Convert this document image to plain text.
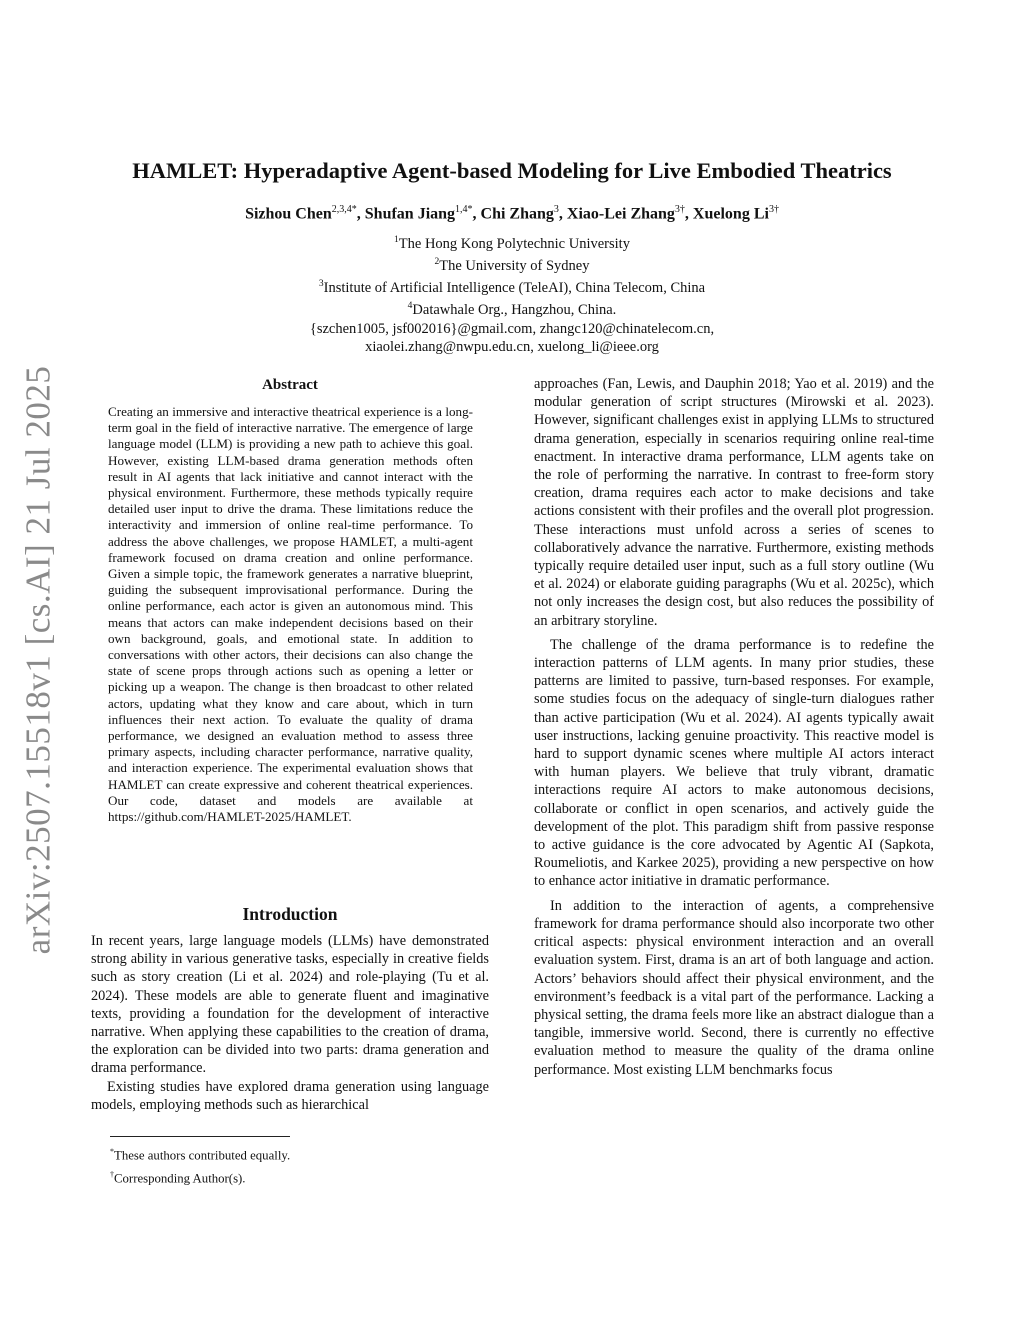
arXiv:2507.15518v1 [cs.AI] 21 Jul 2025
HAMLET: Hyperadaptive Agent-based Modeling for Live Embodied Theatrics
Sizhou Chen$^{2,3,4*}$, Shufan Jiang$^{1,4*}$, Chi Zhang$^3$, Xiao-Lei Zhang$^{3\dagger}$, Xuelong $Li^{3\dagger}$
$^1$The Hong Kong Polytechnic University
$^2$The University of Sydney
$^3$Institute of Artificial Intelligence (TeleAI), China Telecom, China
$^4$Datawhale Org., Hangzhou, China.
{szchen1005, jsf002016}@gmail.com, zhangc120@chinatelecom.cn,
xiaolei.zhang@nwpu.edu.cn, xuelong_li@ieee.org
Abstract
Creating an immersive and interactive theatrical experience is a long-term goal in the field of interactive narrative. The emergence of large language model (LLM) is providing a new path to achieve this goal. However, existing LLM-based drama generation methods often result in AI agents that lack initiative and cannot interact with the physical environment. Furthermore, these methods typically require detailed user input to drive the drama. These limitations reduce the interactivity and immersion of online real-time performance. To address the above challenges, we propose HAMLET, a multi-agent framework focused on drama creation and online performance. Given a simple topic, the framework generates a narrative blueprint, guiding the subsequent improvisational performance. During the online performance, each actor is given an autonomous mind. This means that actors can make independent decisions based on their own background, goals, and emotional state. In addition to conversations with other actors, their decisions can also change the state of scene props through actions such as opening a letter or picking up a weapon. The change is then broadcast to other related actors, updating what they know and care about, which in turn influences their next action. To evaluate the quality of drama performance, we designed an evaluation method to assess three primary aspects, including character performance, narrative quality, and interaction experience. The experimental evaluation shows that HAMLET can create expressive and coherent theatrical experiences. Our code, dataset and models are available at https://github.com/HAMLET-2025/HAMLET.
Introduction

In recent years, large language models (LLMs) have demonstrated strong ability in various generative tasks, especially in creative fields such as story creation (Li et al. 2024) and role-playing (Tu et al. 2024). These models are able to generate fluent and imaginative texts, providing a foundation for the development of interactive narrative. When applying these capabilities to the creation of drama, the exploration can be divided into two parts: drama generation and drama performance.

Existing studies have explored drama generation using language models, employing methods such as hierarchical

approaches (Fan, Lewis, and Dauphin 2018; Yao et al. 2019) and the modular generation of script structures (Mirowski et al. 2023). However, significant challenges exist in applying LLMs to structured drama generation, especially in scenarios requiring online real-time enactment. In interactive drama performance, LLM agents take on the role of performing the narrative. In contrast to free-form story creation, drama requires each actor to make decisions and take actions consistent with their profiles and the overall plot progression. These interactions must unfold across a series of scenes to collaboratively advance the narrative. Furthermore, existing methods typically require detailed user input, such as a full story outline (Wu et al. 2024) or elaborate guiding paragraphs (Wu et al. 2025c), which not only increases the design cost, but also reduces the possibility of an arbitrary storyline.

The challenge of the drama performance is to redefine the interaction patterns of LLM agents. In many prior studies, these patterns are limited to passive, turn-based responses. For example, some studies focus on the adequacy of single-turn dialogues rather than active participation (Wu et al. 2024). AI agents typically await user instructions, lacking genuine proactivity. This reactive model is hard to support dynamic scenes where multiple AI actors interact with human players. We believe that truly vibrant, dramatic interactions require AI actors to make autonomous decisions, collaborate or conflict in open scenarios, and actively guide the development of the plot. This paradigm shift from passive response to active guidance is the core advocated by Agentic AI (Sapkota, Roumeliotis, and Karkee 2025), providing a new perspective on how to enhance actor initiative in dramatic performance.

In addition to the interaction of agents, a comprehensive framework for drama performance should also incorporate two other critical aspects: physical environment interaction and an overall evaluation system. First, drama is an art of both language and action. Actors’ behaviors should affect their physical environment, and the environment’s feedback is a vital part of the performance. Lacking a physical setting, the drama feels more like an abstract dialogue than a tangible, immersive world. Second, there is currently no effective evaluation method to measure the quality of the drama online performance. Most existing LLM benchmarks focus

*These authors contributed equally.
†Corresponding Author(s).
